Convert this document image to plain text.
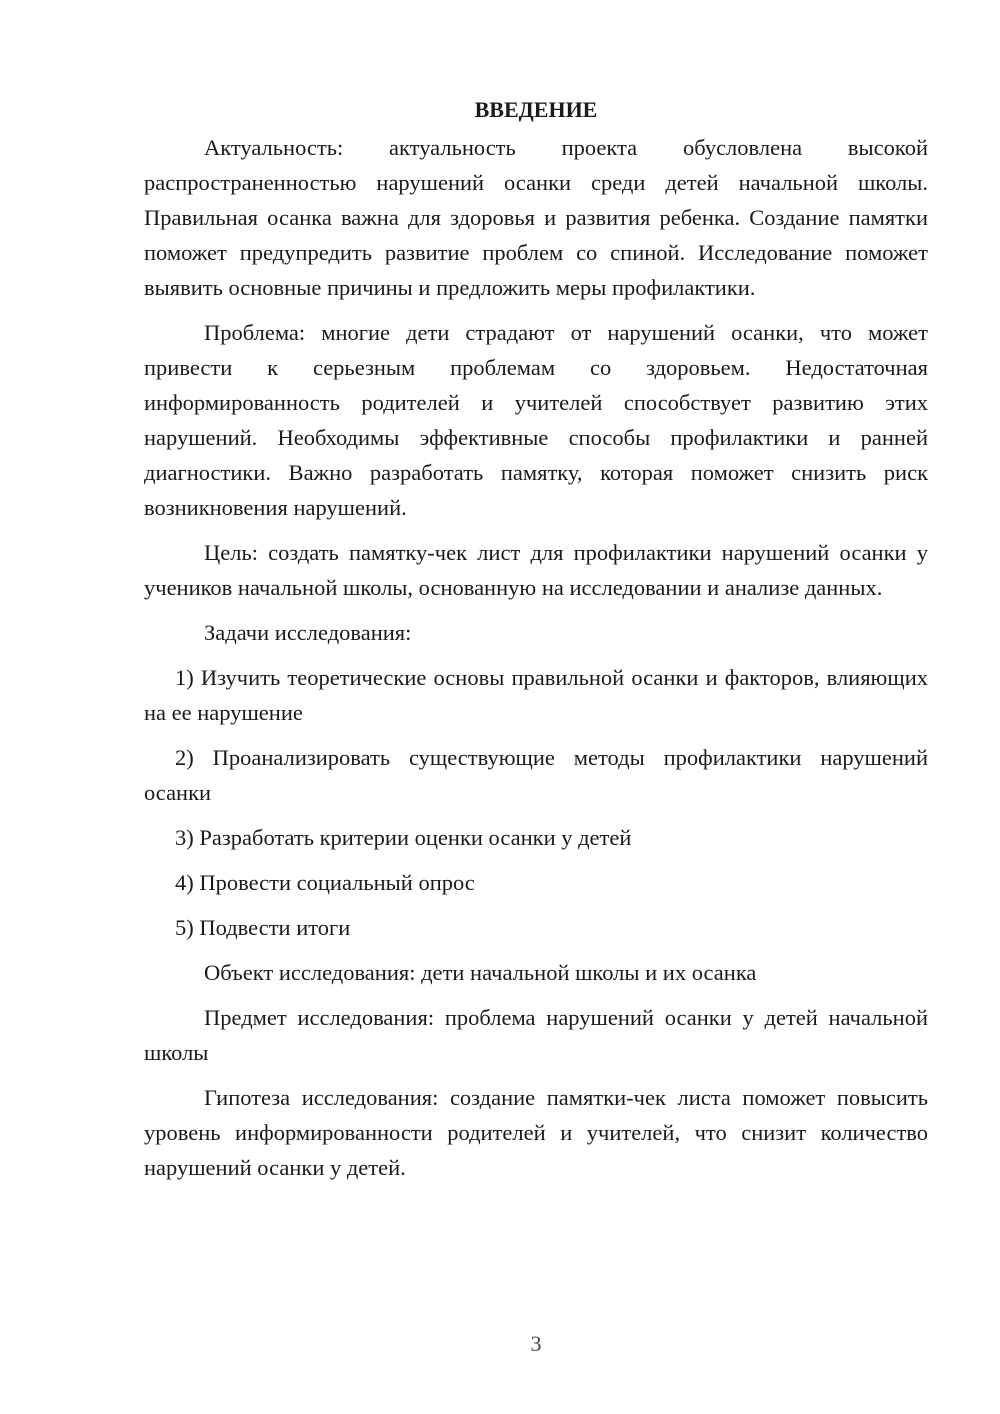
ВВЕДЕНИЕ

Актуальность: актуальность проекта обусловлена высокой распространенностью нарушений осанки среди детей начальной школы. Правильная осанка важна для здоровья и развития ребенка. Создание памятки поможет предупредить развитие проблем со спиной. Исследование поможет выявить основные причины и предложить меры профилактики.

Проблема: многие дети страдают от нарушений осанки, что может привести к серьезным проблемам со здоровьем. Недостаточная информированность родителей и учителей способствует развитию этих нарушений. Необходимы эффективные способы профилактики и ранней диагностики. Важно разработать памятку, которая поможет снизить риск возникновения нарушений.

Цель: создать памятку-чек лист для профилактики нарушений осанки у учеников начальной школы, основанную на исследовании и анализе данных.

Задачи исследования:

1) Изучить теоретические основы правильной осанки и факторов, влияющих на ее нарушение

2) Проанализировать существующие методы профилактики нарушений осанки

3) Разработать критерии оценки осанки у детей

4) Провести социальный опрос

5) Подвести итоги

Объект исследования: дети начальной школы и их осанка

Предмет исследования: проблема нарушений осанки у детей начальной школы

Гипотеза исследования: создание памятки-чек листа поможет повысить уровень информированности родителей и учителей, что снизит количество нарушений осанки у детей.

3
